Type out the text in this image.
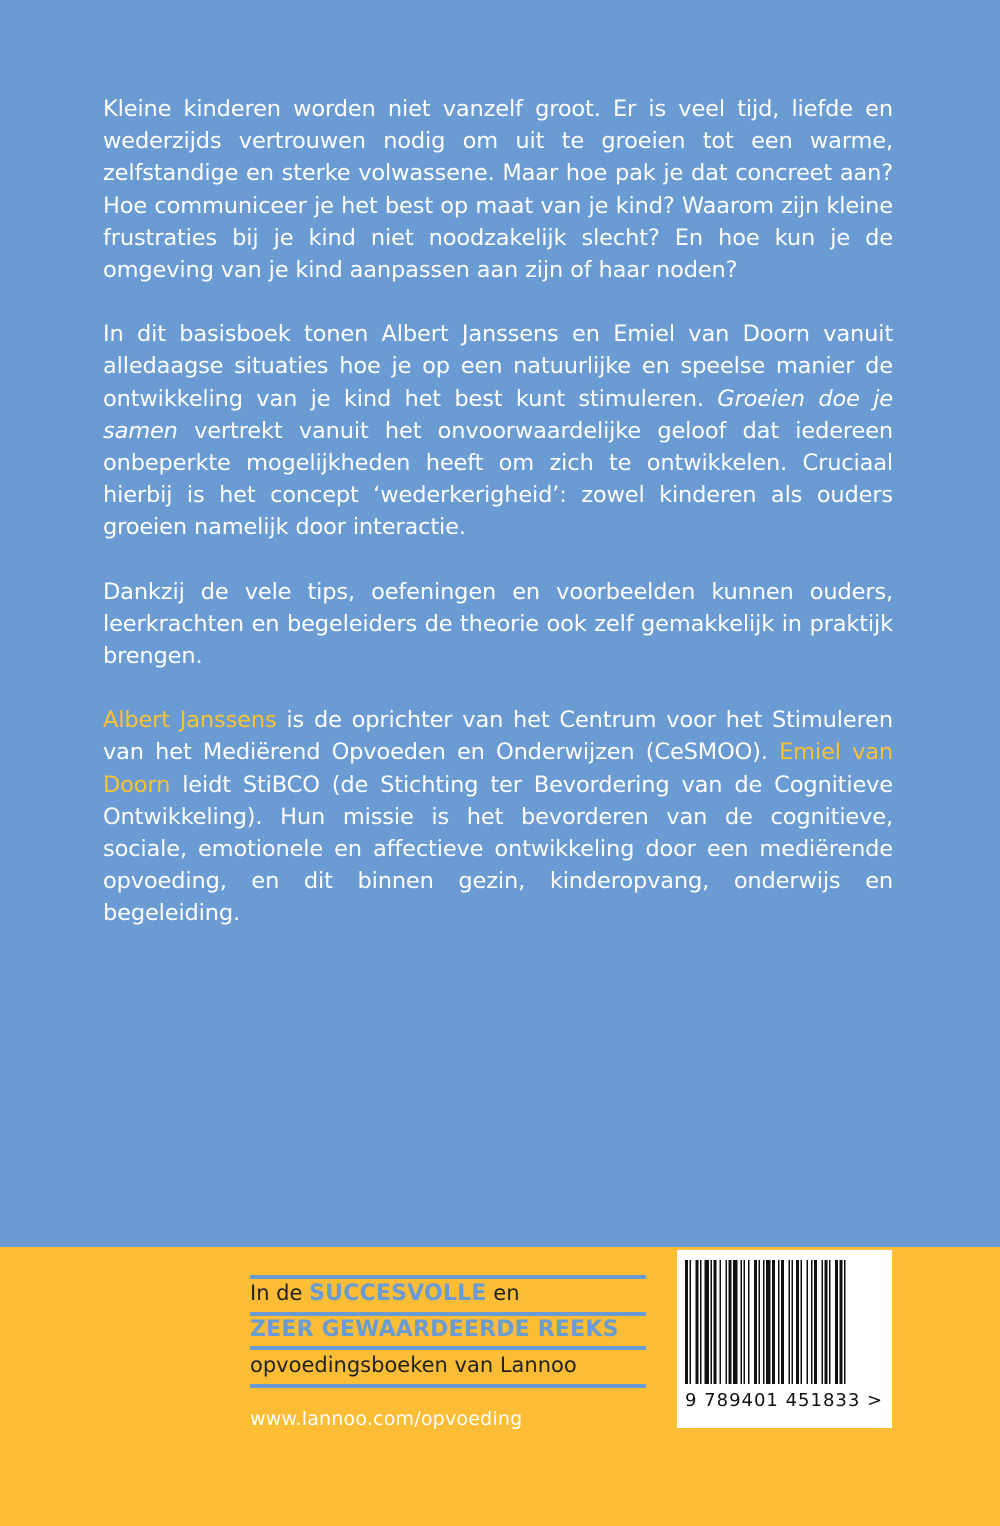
Kleine kinderen worden niet vanzelf groot. Er is veel tijd, liefde en wederzijds vertrouwen nodig om uit te groeien tot een warme, zelfstandige en sterke volwassene. Maar hoe pak je dat concreet aan? Hoe communiceer je het best op maat van je kind? Waarom zijn kleine frustraties bij je kind niet noodzakelijk slecht? En hoe kun je de omgeving van je kind aanpassen aan zijn of haar noden?

In dit basisboek tonen Albert Janssens en Emiel van Doorn vanuit alledaagse situaties hoe je op een natuurlijke en speelse manier de ontwikkeling van je kind het best kunt stimuleren. Groeien doe je samen vertrekt vanuit het onvoorwaardelijke geloof dat iedereen onbeperkte mogelijkheden heeft om zich te ontwikkelen. Cruciaal hierbij is het concept ‘wederkerigheid’: zowel kinderen als ouders groeien namelijk door interactie.

Dankzij de vele tips, oefeningen en voorbeelden kunnen ouders, leerkrachten en begeleiders de theorie ook zelf gemakkelijk in praktijk brengen.

Albert Janssens is de oprichter van het Centrum voor het Stimuleren van het Mediërend Opvoeden en Onderwijzen (CeSMOO). Emiel van Doorn leidt StiBCO (de Stichting ter Bevordering van de Cognitieve Ontwikkeling). Hun missie is het bevorderen van de cognitieve, sociale, emotionele en affectieve ontwikkeling door een mediërende opvoeding, en dit binnen gezin, kinderopvang, onderwijs en begeleiding.

In de SUCCESVOLLE en
ZEER GEWAARDEERDE REEKS
opvoedingsboeken van Lannoo
www.lannoo.com/opvoeding
9 789401 451833 >
